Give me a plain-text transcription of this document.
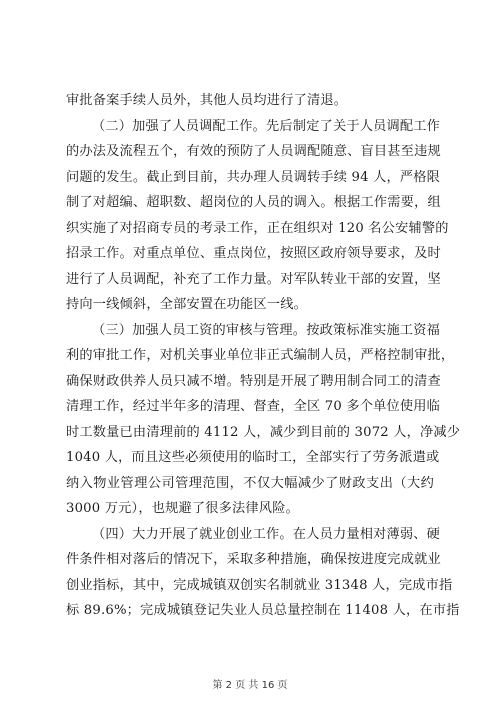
审批备案手续人员外，其他人员均进行了清退。
（二）加强了人员调配工作。先后制定了关于人员调配工作
的办法及流程五个，有效的预防了人员调配随意、盲目甚至违规
问题的发生。截止到目前，共办理人员调转手续 94 人，严格限
制了对超编、超职数、超岗位的人员的调入。根据工作需要，组
织实施了对招商专员的考录工作，正在组织对 120 名公安辅警的
招录工作。对重点单位、重点岗位，按照区政府领导要求，及时
进行了人员调配，补充了工作力量。对军队转业干部的安置，坚
持向一线倾斜，全部安置在功能区一线。
（三）加强人员工资的审核与管理。按政策标准实施工资福
利的审批工作，对机关事业单位非正式编制人员，严格控制审批，
确保财政供养人员只减不增。特别是开展了聘用制合同工的清查
清理工作，经过半年多的清理、督查，全区 70 多个单位使用临
时工数量已由清理前的 4112 人，减少到目前的 3072 人，净减少
1040 人，而且这些必须使用的临时工，全部实行了劳务派遣或
纳入物业管理公司管理范围，不仅大幅减少了财政支出（大约
3000 万元），也规避了很多法律风险。
（四）大力开展了就业创业工作。在人员力量相对薄弱、硬
件条件相对落后的情况下，采取多种措施，确保按进度完成就业
创业指标，其中，完成城镇双创实名制就业 31348 人，完成市指
标 89.6%；完成城镇登记失业人员总量控制在 11408 人，在市指
第 2 页 共 16 页
